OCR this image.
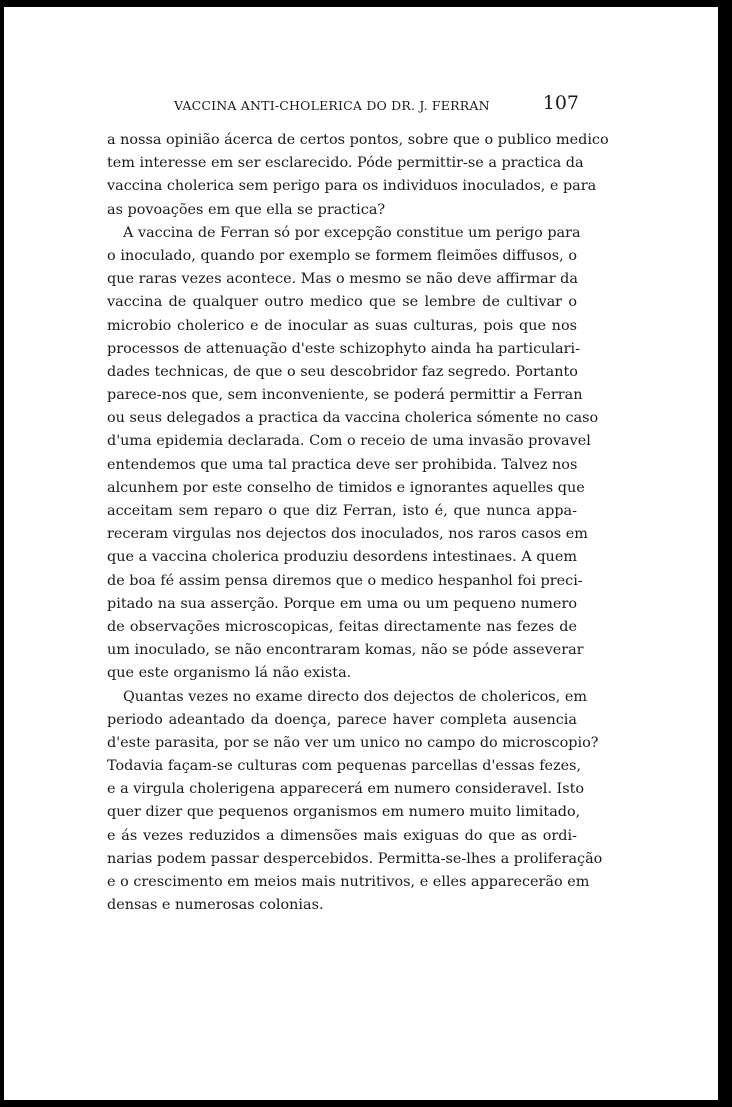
VACCINA ANTI-CHOLERICA DO DR. J. FERRAN	107
a nossa opinião ácerca de certos pontos, sobre que o publico medico
tem interesse em ser esclarecido. Póde permittir-se a practica da
vaccina cholerica sem perigo para os individuos inoculados, e para
as povoações em que ella se practica?
A vaccina de Ferran só por excepção constitue um perigo para
o inoculado, quando por exemplo se formem fleimões diffusos, o
que raras vezes acontece. Mas o mesmo se não deve affirmar da
vaccina de qualquer outro medico que se lembre de cultivar o
microbio cholerico e de inocular as suas culturas, pois que nos
processos de attenuação d'este schizophyto ainda ha particulari-
dades technicas, de que o seu descobridor faz segredo. Portanto
parece-nos que, sem inconveniente, se poderá permittir a Ferran
ou seus delegados a practica da vaccina cholerica sómente no caso
d'uma epidemia declarada. Com o receio de uma invasão provavel
entendemos que uma tal practica deve ser prohibida. Talvez nos
alcunhem por este conselho de timidos e ignorantes aquelles que
acceitam sem reparo o que diz Ferran, isto é, que nunca appa-
receram virgulas nos dejectos dos inoculados, nos raros casos em
que a vaccina cholerica produziu desordens intestinaes. A quem
de boa fé assim pensa diremos que o medico hespanhol foi preci-
pitado na sua asserção. Porque em uma ou um pequeno numero
de observações microscopicas, feitas directamente nas fezes de
um inoculado, se não encontraram komas, não se póde asseverar
que este organismo lá não exista.
Quantas vezes no exame directo dos dejectos de cholericos, em
periodo adeantado da doença, parece haver completa ausencia
d'este parasita, por se não ver um unico no campo do microscopio?
Todavia façam-se culturas com pequenas parcellas d'essas fezes,
e a virgula cholerigena apparecerá em numero consideravel. Isto
quer dizer que pequenos organismos em numero muito limitado,
e ás vezes reduzidos a dimensões mais exiguas do que as ordi-
narias podem passar despercebidos. Permitta-se-lhes a proliferação
e o crescimento em meios mais nutritivos, e elles apparecerão em
densas e numerosas colonias.
